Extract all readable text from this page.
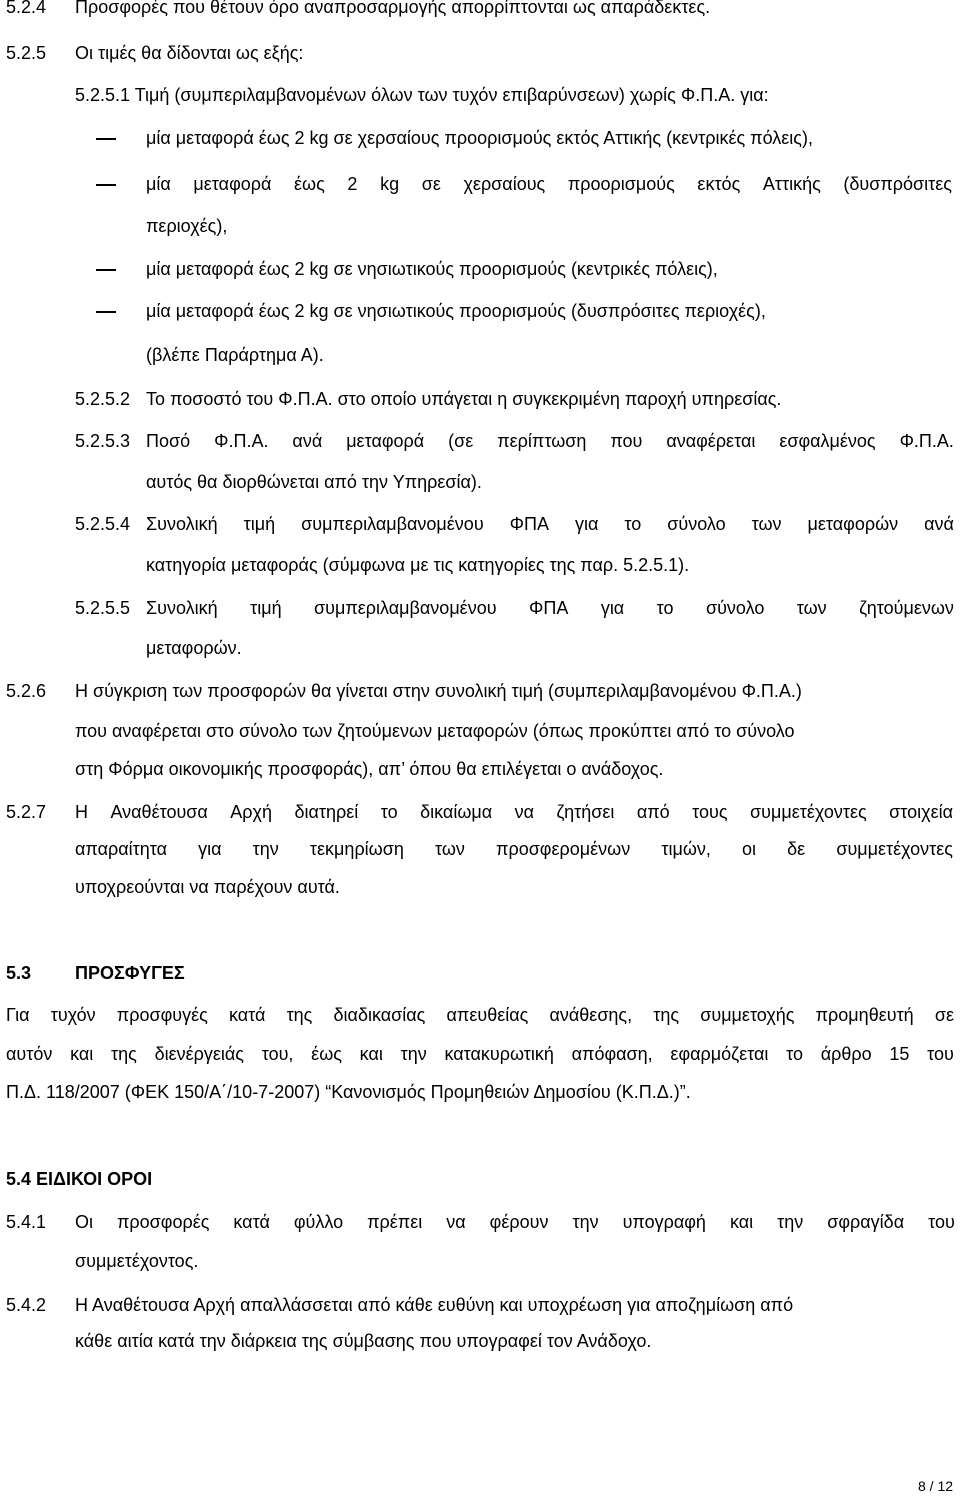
5.2.4 Προσφορές που θέτουν όρο αναπροσαρμογής απορρίπτονται ως απαράδεκτες.
5.2.5 Οι τιμές θα δίδονται ως εξής:
5.2.5.1 Τιμή (συμπεριλαμβανομένων όλων των τυχόν επιβαρύνσεων) χωρίς Φ.Π.Α. για:
μία μεταφορά έως 2 kg σε χερσαίους προορισμούς εκτός Αττικής (κεντρικές πόλεις),
μία μεταφορά έως 2 kg σε χερσαίους προορισμούς εκτός Αττικής (δυσπρόσιτες
περιοχές),
μία μεταφορά έως 2 kg σε νησιωτικούς προορισμούς (κεντρικές πόλεις),
μία μεταφορά έως 2 kg σε νησιωτικούς προορισμούς (δυσπρόσιτες περιοχές),
(βλέπε Παράρτημα Α).
5.2.5.2 Το ποσοστό του Φ.Π.Α. στο οποίο υπάγεται η συγκεκριμένη παροχή υπηρεσίας.
5.2.5.3 Ποσό Φ.Π.Α. ανά μεταφορά (σε περίπτωση που αναφέρεται εσφαλμένος Φ.Π.Α.
αυτός θα διορθώνεται από την Υπηρεσία).
5.2.5.4 Συνολική τιμή συμπεριλαμβανομένου ΦΠΑ για το σύνολο των μεταφορών ανά
κατηγορία μεταφοράς (σύμφωνα με τις κατηγορίες της παρ. 5.2.5.1).
5.2.5.5 Συνολική τιμή συμπεριλαμβανομένου ΦΠΑ για το σύνολο των ζητούμενων
μεταφορών.
5.2.6 Η σύγκριση των προσφορών θα γίνεται στην συνολική τιμή (συμπεριλαμβανομένου Φ.Π.Α.)
που αναφέρεται στο σύνολο των ζητούμενων μεταφορών (όπως προκύπτει από το σύνολο
στη Φόρμα οικονομικής προσφοράς), απ’ όπου θα επιλέγεται ο ανάδοχος.
5.2.7 Η Αναθέτουσα Αρχή διατηρεί το δικαίωμα να ζητήσει από τους συμμετέχοντες στοιχεία
απαραίτητα για την τεκμηρίωση των προσφερομένων τιμών, οι δε συμμετέχοντες
υποχρεούνται να παρέχουν αυτά.
5.3 ΠΡΟΣΦΥΓΕΣ
Για τυχόν προσφυγές κατά της διαδικασίας απευθείας ανάθεσης, της συμμετοχής προμηθευτή σε
αυτόν και της διενέργειάς του, έως και την κατακυρωτική απόφαση, εφαρμόζεται το άρθρο 15 του
Π.Δ. 118/2007 (ΦΕΚ 150/Α΄/10-7-2007) “Κανονισμός Προμηθειών Δημοσίου (Κ.Π.Δ.)”.
5.4 ΕΙΔΙΚΟΙ ΟΡΟΙ
5.4.1 Οι προσφορές κατά φύλλο πρέπει να φέρουν την υπογραφή και την σφραγίδα του
συμμετέχοντος.
5.4.2 Η Αναθέτουσα Αρχή απαλλάσσεται από κάθε ευθύνη και υποχρέωση για αποζημίωση από
κάθε αιτία κατά την διάρκεια της σύμβασης που υπογραφεί τον Ανάδοχο.
8 / 12
